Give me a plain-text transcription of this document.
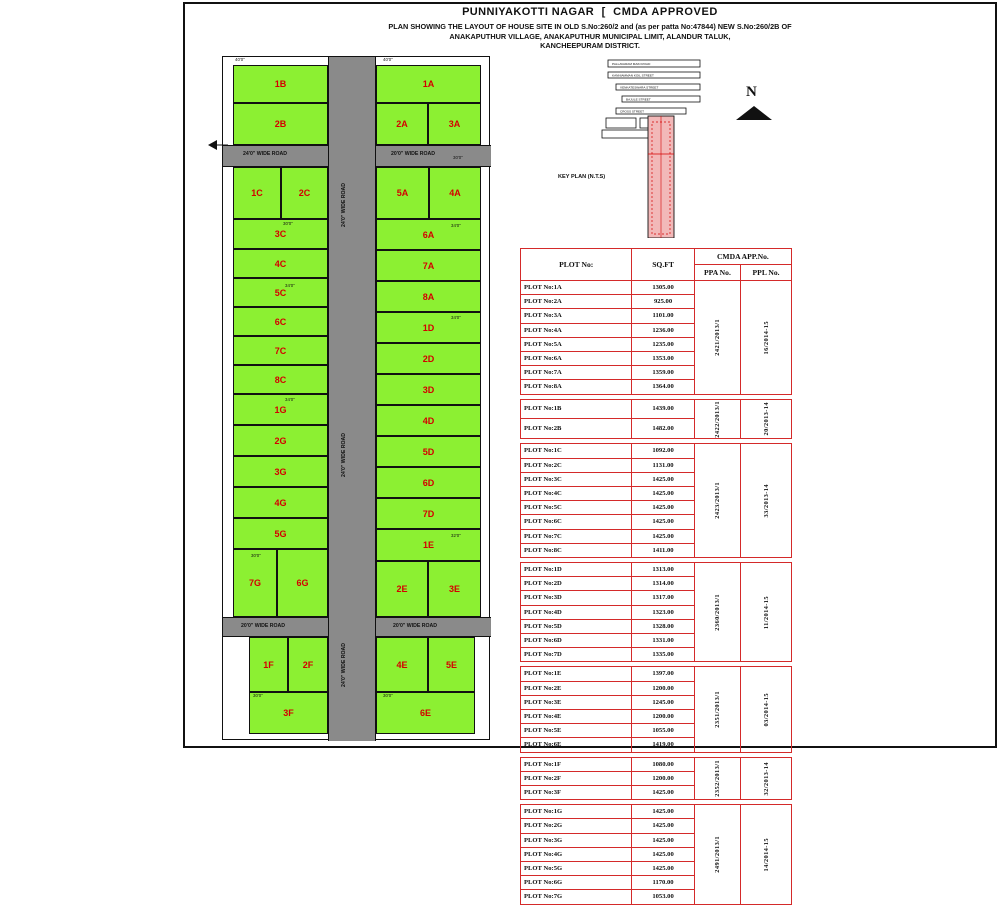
PUNNIYAKOTTI NAGAR [ CMDA APPROVED
PLAN SHOWING THE LAYOUT OF HOUSE SITE IN OLD S.No:260/2 and (as per patta No:47844) NEW S.No:260/2B OF
ANAKAPUTHUR VILLAGE, ANAKAPUTHUR MUNICIPAL LIMIT, ALANDUR TALUK,
KANCHEEPURAM DISTRICT.
24'0" WIDE ROAD	20'0" WIDE ROAD
20'0" WIDE ROAD	20'0" WIDE ROAD
24'0" WIDE ROAD
24'0" WIDE ROAD
24'0" WIDE ROAD
1B
2B
1C	2C
3C
4C
5C
6C
7C
8C
1G
2G
3G
4G
5G
7G	6G
1F	2F
3F
1A
2A	3A
5A	4A
6A
7A
8A
1D
2D
3D
4D
5D
6D
7D
1E
2E	3E
4E	5E
6E
40'0"	40'0"
30'0"
30'0"	34'0"
34'0"
34'0"
34'0"
32'0"
30'0"
30'0"	30'0"
PALLAVARAM MAIN ROAD
KANNIAMMAN KOIL STREET
VENKATESWARA STREET
BAJULE STREET
CROSS STREET
KEY PLAN (N.T.S)
N
PLOT No:	SQ.FT	CMDA APP.No.	
		PPA No.	PPL No.
PLOT No:1A	1305.00	2421/2013/1	16/2014-15

PLOT No:2A	925.00		
PLOT No:3A	1101.00		
PLOT No:4A	1236.00		
PLOT No:5A	1235.00		
PLOT No:6A	1353.00		
PLOT No:7A	1359.00		
PLOT No:8A	1364.00		

PLOT No:1B	1439.00	2422/2013/1	20/2013-14

PLOT No:2B	1482.00		

PLOT No:1C	1092.00	2423/2013/1	33/2013-14

PLOT No:2C	1131.00		
PLOT No:3C	1425.00		
PLOT No:4C	1425.00		
PLOT No:5C	1425.00		
PLOT No:6C	1425.00		
PLOT No:7C	1425.00		
PLOT No:8C	1411.00		

PLOT No:1D	1313.00	2360/2013/1	11/2014-15

PLOT No:2D	1314.00		
PLOT No:3D	1317.00		
PLOT No:4D	1323.00		
PLOT No:5D	1328.00		
PLOT No:6D	1331.00		
PLOT No:7D	1335.00		

PLOT No:1E	1397.00	2351/2013/1	03/2014-15

PLOT No:2E	1200.00		
PLOT No:3E	1245.00		
PLOT No:4E	1200.00		
PLOT No:5E	1055.00		
PLOT No:6E	1419.00		

PLOT No:1F	1080.00	2352/2013/1	32/2013-14

PLOT No:2F	1200.00		
PLOT No:3F	1425.00		

PLOT No:1G	1425.00	2491/2013/1	14/2014-15

PLOT No:2G	1425.00		
PLOT No:3G	1425.00		
PLOT No:4G	1425.00		
PLOT No:5G	1425.00		
PLOT No:6G	1170.00		
PLOT No:7G	1053.00		
